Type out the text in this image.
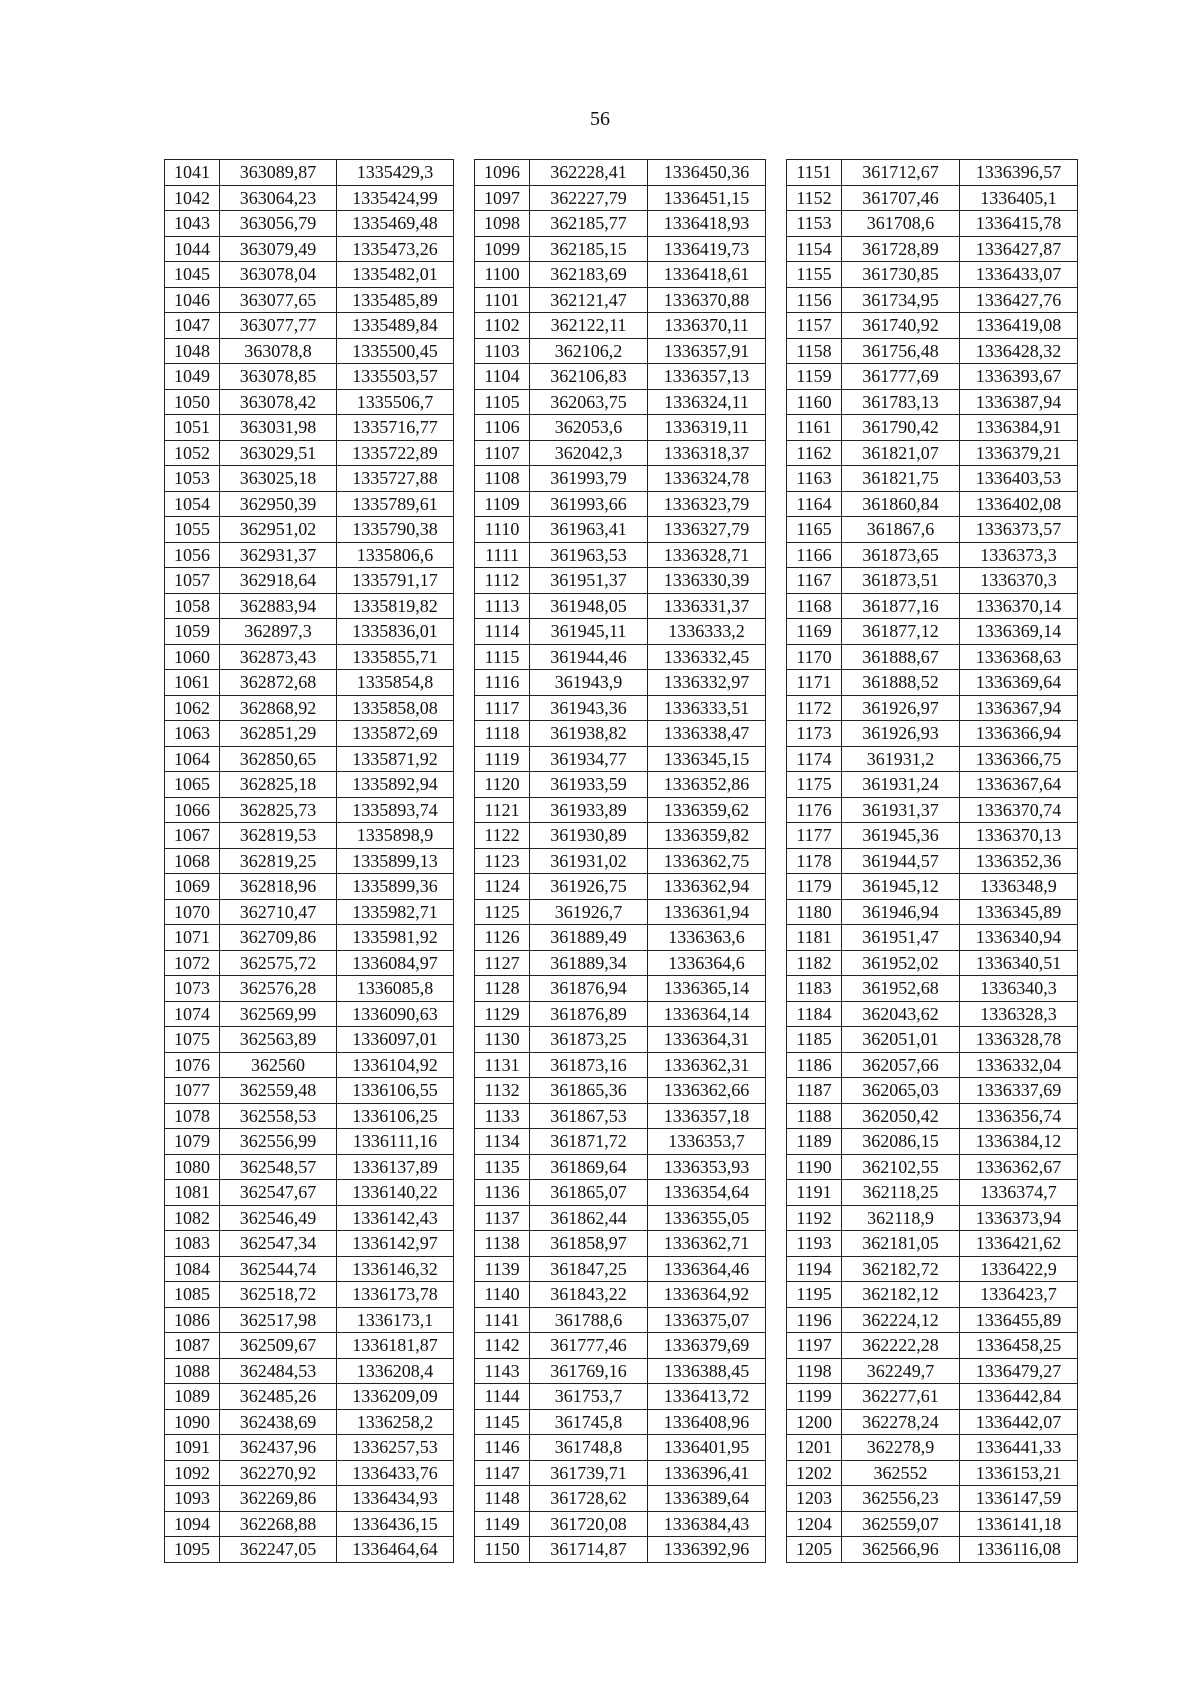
56
1041	363089,87	1335429,3
1042	363064,23	1335424,99
1043	363056,79	1335469,48
1044	363079,49	1335473,26
1045	363078,04	1335482,01
1046	363077,65	1335485,89
1047	363077,77	1335489,84
1048	363078,8	1335500,45
1049	363078,85	1335503,57
1050	363078,42	1335506,7
1051	363031,98	1335716,77
1052	363029,51	1335722,89
1053	363025,18	1335727,88
1054	362950,39	1335789,61
1055	362951,02	1335790,38
1056	362931,37	1335806,6
1057	362918,64	1335791,17
1058	362883,94	1335819,82
1059	362897,3	1335836,01
1060	362873,43	1335855,71
1061	362872,68	1335854,8
1062	362868,92	1335858,08
1063	362851,29	1335872,69
1064	362850,65	1335871,92
1065	362825,18	1335892,94
1066	362825,73	1335893,74
1067	362819,53	1335898,9
1068	362819,25	1335899,13
1069	362818,96	1335899,36
1070	362710,47	1335982,71
1071	362709,86	1335981,92
1072	362575,72	1336084,97
1073	362576,28	1336085,8
1074	362569,99	1336090,63
1075	362563,89	1336097,01
1076	362560	1336104,92
1077	362559,48	1336106,55
1078	362558,53	1336106,25
1079	362556,99	1336111,16
1080	362548,57	1336137,89
1081	362547,67	1336140,22
1082	362546,49	1336142,43
1083	362547,34	1336142,97
1084	362544,74	1336146,32
1085	362518,72	1336173,78
1086	362517,98	1336173,1
1087	362509,67	1336181,87
1088	362484,53	1336208,4
1089	362485,26	1336209,09
1090	362438,69	1336258,2
1091	362437,96	1336257,53
1092	362270,92	1336433,76
1093	362269,86	1336434,93
1094	362268,88	1336436,15
1095	362247,05	1336464,64
1096	362228,41	1336450,36
1097	362227,79	1336451,15
1098	362185,77	1336418,93
1099	362185,15	1336419,73
1100	362183,69	1336418,61
1101	362121,47	1336370,88
1102	362122,11	1336370,11
1103	362106,2	1336357,91
1104	362106,83	1336357,13
1105	362063,75	1336324,11
1106	362053,6	1336319,11
1107	362042,3	1336318,37
1108	361993,79	1336324,78
1109	361993,66	1336323,79
1110	361963,41	1336327,79
1111	361963,53	1336328,71
1112	361951,37	1336330,39
1113	361948,05	1336331,37
1114	361945,11	1336333,2
1115	361944,46	1336332,45
1116	361943,9	1336332,97
1117	361943,36	1336333,51
1118	361938,82	1336338,47
1119	361934,77	1336345,15
1120	361933,59	1336352,86
1121	361933,89	1336359,62
1122	361930,89	1336359,82
1123	361931,02	1336362,75
1124	361926,75	1336362,94
1125	361926,7	1336361,94
1126	361889,49	1336363,6
1127	361889,34	1336364,6
1128	361876,94	1336365,14
1129	361876,89	1336364,14
1130	361873,25	1336364,31
1131	361873,16	1336362,31
1132	361865,36	1336362,66
1133	361867,53	1336357,18
1134	361871,72	1336353,7
1135	361869,64	1336353,93
1136	361865,07	1336354,64
1137	361862,44	1336355,05
1138	361858,97	1336362,71
1139	361847,25	1336364,46
1140	361843,22	1336364,92
1141	361788,6	1336375,07
1142	361777,46	1336379,69
1143	361769,16	1336388,45
1144	361753,7	1336413,72
1145	361745,8	1336408,96
1146	361748,8	1336401,95
1147	361739,71	1336396,41
1148	361728,62	1336389,64
1149	361720,08	1336384,43
1150	361714,87	1336392,96
1151	361712,67	1336396,57
1152	361707,46	1336405,1
1153	361708,6	1336415,78
1154	361728,89	1336427,87
1155	361730,85	1336433,07
1156	361734,95	1336427,76
1157	361740,92	1336419,08
1158	361756,48	1336428,32
1159	361777,69	1336393,67
1160	361783,13	1336387,94
1161	361790,42	1336384,91
1162	361821,07	1336379,21
1163	361821,75	1336403,53
1164	361860,84	1336402,08
1165	361867,6	1336373,57
1166	361873,65	1336373,3
1167	361873,51	1336370,3
1168	361877,16	1336370,14
1169	361877,12	1336369,14
1170	361888,67	1336368,63
1171	361888,52	1336369,64
1172	361926,97	1336367,94
1173	361926,93	1336366,94
1174	361931,2	1336366,75
1175	361931,24	1336367,64
1176	361931,37	1336370,74
1177	361945,36	1336370,13
1178	361944,57	1336352,36
1179	361945,12	1336348,9
1180	361946,94	1336345,89
1181	361951,47	1336340,94
1182	361952,02	1336340,51
1183	361952,68	1336340,3
1184	362043,62	1336328,3
1185	362051,01	1336328,78
1186	362057,66	1336332,04
1187	362065,03	1336337,69
1188	362050,42	1336356,74
1189	362086,15	1336384,12
1190	362102,55	1336362,67
1191	362118,25	1336374,7
1192	362118,9	1336373,94
1193	362181,05	1336421,62
1194	362182,72	1336422,9
1195	362182,12	1336423,7
1196	362224,12	1336455,89
1197	362222,28	1336458,25
1198	362249,7	1336479,27
1199	362277,61	1336442,84
1200	362278,24	1336442,07
1201	362278,9	1336441,33
1202	362552	1336153,21
1203	362556,23	1336147,59
1204	362559,07	1336141,18
1205	362566,96	1336116,08
